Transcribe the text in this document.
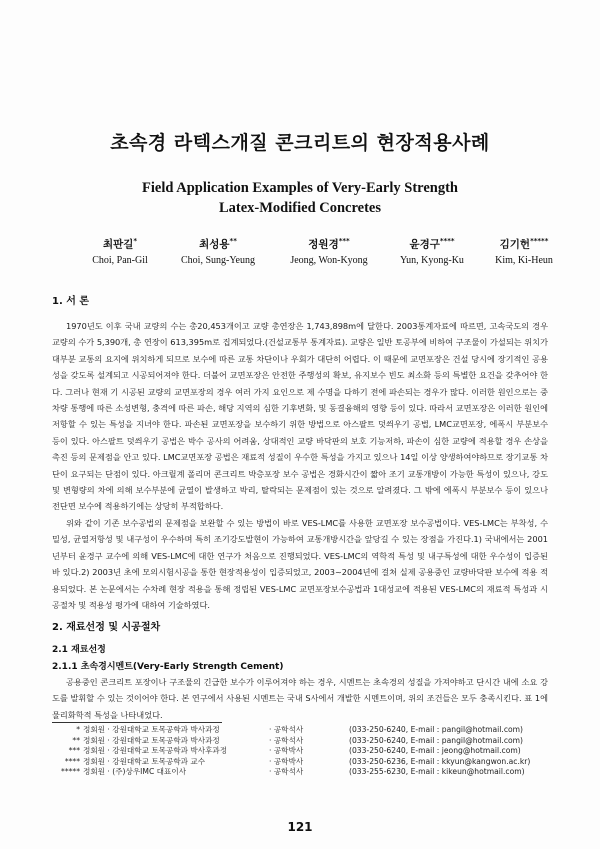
초속경 라텍스개질 콘크리트의 현장적용사례
Field Application Examples of Very-Early Strength
Latex-Modified Concretes
최판길*
Choi, Pan-Gil
최성용**
Choi, Sung-Yeung
정원경***
Jeong, Won-Kyong
윤경구****
Yun, Kyong-Ku
김기헌*****
Kim, Ki-Heun
1. 서 론

1970년도 이후 국내 교량의 수는 총20,453개이고 교량 총연장은 1,743,898m에 달한다. 2003통계자료에 따르면, 고속국도의 경우 교량의 수가 5,390개, 총 연장이 613,395m로 집계되었다.(건설교통부 통계자료). 교량은 일반 토공부에 비하여 구조물이 가설되는 위치가 대부분 교통의 요지에 위치하게 되므로 보수에 따른 교통 차단이나 우회가 대단히 어렵다. 이 때문에 교면포장은 건설 당시에 장기적인 공용성을 갖도록 설계되고 시공되어져야 한다. 더불어 교면포장은 안전한 주행성의 확보, 유지보수 빈도 최소화 등의 특별한 요건을 갖추어야 한다. 그러나 현재 기 시공된 교량의 교면포장의 경우 여러 가지 요인으로 제 수명을 다하기 전에 파손되는 경우가 많다. 이러한 원인으로는 중차량 통행에 따른 소성변형, 충격에 따른 파손, 해당 지역의 심한 기후변화, 및 동결융해의 영향 등이 있다. 따라서 교면포장은 이러한 원인에 저항할 수 있는 특성을 지녀야 한다. 파손된 교면포장을 보수하기 위한 방법으로 아스팔트 덧씌우기 공법, LMC교면포장, 에폭시 부분보수 등이 있다. 아스팔트 덧씌우기 공법은 박수 공사의 어려움, 상대적인 교량 바닥판의 보호 기능저하, 파손이 심한 교량에 적용할 경우 손상을 촉진 등의 문제점을 안고 있다. LMC교면포장 공법은 재료적 성질이 우수한 특성을 가지고 있으나 14일 이상 양생하여야하므로 장기교통 차단이 요구되는 단점이 있다. 아크릴계 폴리머 콘크리트 박층포장 보수 공법은 경화시간이 짧아 조기 교통개방이 가능한 특성이 있으나, 강도 및 변형량의 차에 의해 보수부분에 균열이 발생하고 박리, 탈락되는 문제점이 있는 것으로 알려졌다. 그 밖에 에폭시 부분보수 등이 있으나 전단면 보수에 적용하기에는 상당히 부적합하다.

위와 같이 기존 보수공법의 문제점을 보완할 수 있는 방법이 바로 VES-LMC를 사용한 교면포장 보수공법이다. VES-LMC는 부착성, 수밀성, 균열저항성 및 내구성이 우수하며 특히 조기강도발현이 가능하여 교통개방시간을 앞당길 수 있는 장점을 가진다.1) 국내에서는 2001년부터 윤경구 교수에 의해 VES-LMC에 대한 연구가 처음으로 진행되었다. VES-LMC의 역학적 특성 및 내구특성에 대한 우수성이 입증된 바 있다.2) 2003년 초에 모의시험시공을 통한 현장적용성이 입증되었고, 2003~2004년에 걸쳐 실제 공용중인 교량바닥판 보수에 적용 적용되었다. 본 논문에서는 수차례 현장 적용을 통해 정립된 VES-LMC 교면포장보수공법과 1대성교에 적용된 VES-LMC의 재료적 특성과 시공절차 및 적용성 평가에 대하여 기술하였다.

2. 재료선정 및 시공절차
2.1 재료선정
2.1.1 초속경시멘트(Very-Early Strength Cement)

공용중인 콘크리트 포장이나 구조물의 긴급한 보수가 이루어져야 하는 경우, 시멘트는 초속경의 성질을 가져야하고 단시간 내에 소요 강도를 발휘할 수 있는 것이어야 한다. 본 연구에서 사용된 시멘트는 국내 S사에서 개발한 시멘트이며, 위의 조건들은 모두 충족시킨다. 표 1에 물리화학적 특성을 나타내었다.

* 정회원 · 강원대학교 토목공학과 박사과정	· 공학석사	(033-250-6240, E-mail : pangil@hotmail.com)
** 정회원 · 강원대학교 토목공학과 박사과정	· 공학석사	(033-250-6240, E-mail : pangil@hotmail.com)
*** 정회원 · 강원대학교 토목공학과 박사후과정	· 공학박사	(033-250-6240, E-mail : jeong@hotmail.com)
**** 정회원 · 강원대학교 토목공학과 교수	· 공학박사	(033-250-6236, E-mail : kkyun@kangwon.ac.kr)
***** 정회원 · (주)상우IMC 대표이사	· 공학석사	(033-255-6230, E-mail : kikeun@hotmail.com)
121
